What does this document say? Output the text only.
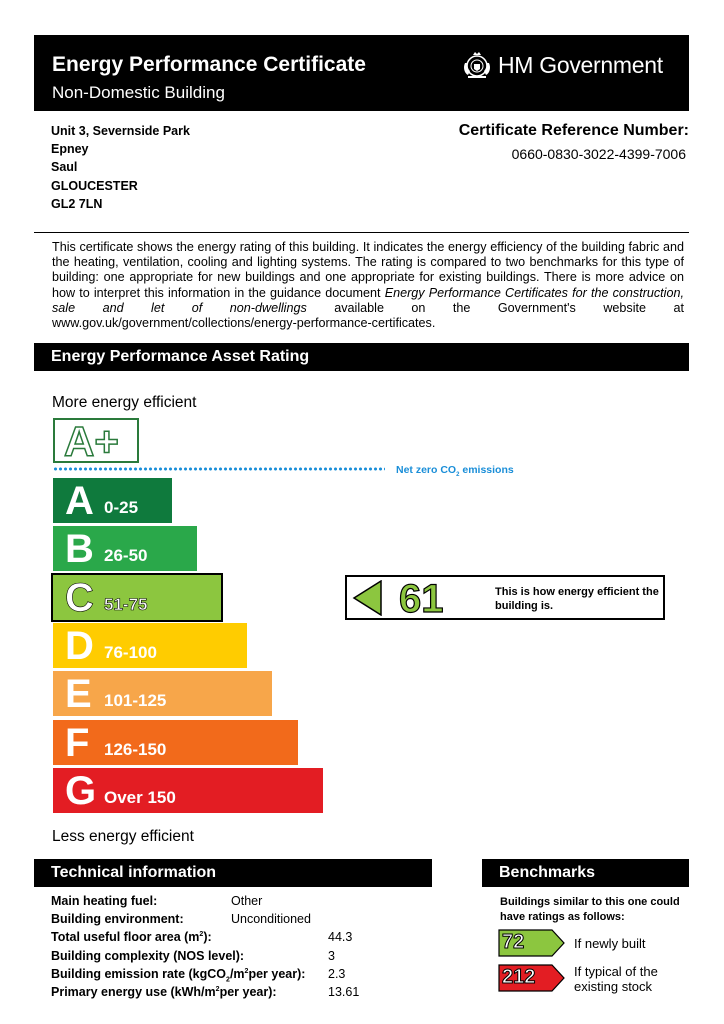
Energy Performance Certificate
Non-Domestic Building
HM Government
Unit 3, Severnside Park
Epney
Saul
GLOUCESTER
GL2 7LN
Certificate Reference Number:
0660-0830-3022-4399-7006
This certificate shows the energy rating of this building. It indicates the energy efficiency of the building fabric and the heating, ventilation, cooling and lighting systems. The rating is compared to two benchmarks for this type of building: one appropriate for new buildings and one appropriate for existing buildings. There is more advice on how to interpret this information in the guidance document Energy Performance Certificates for the construction, sale and let of non-dwellings available on the Government's website at www.gov.uk/government/collections/energy-performance-certificates.
Energy Performance Asset Rating
More energy efficient
A+
Net zero $CO_2$ emissions
A 0-25
B 26-50
C 51-75
D 76-100
E 101-125
F 126-150
G Over 150
61	This is how energy efficient the building is.
Less energy efficient
Technical information
Main heating fuel:	Other
Building environment:	Unconditioned
Total useful floor area $(m^2)$:	44.3
Building complexity (NOS level):	3
Building emission rate ($kgCO_2/m^2per$ year): 2.3
Primary energy use ($kWh/m^2per$ year):	13.61
Benchmarks
Buildings similar to this one could have ratings as follows:
72	If newly built
212	If typical of the existing stock
